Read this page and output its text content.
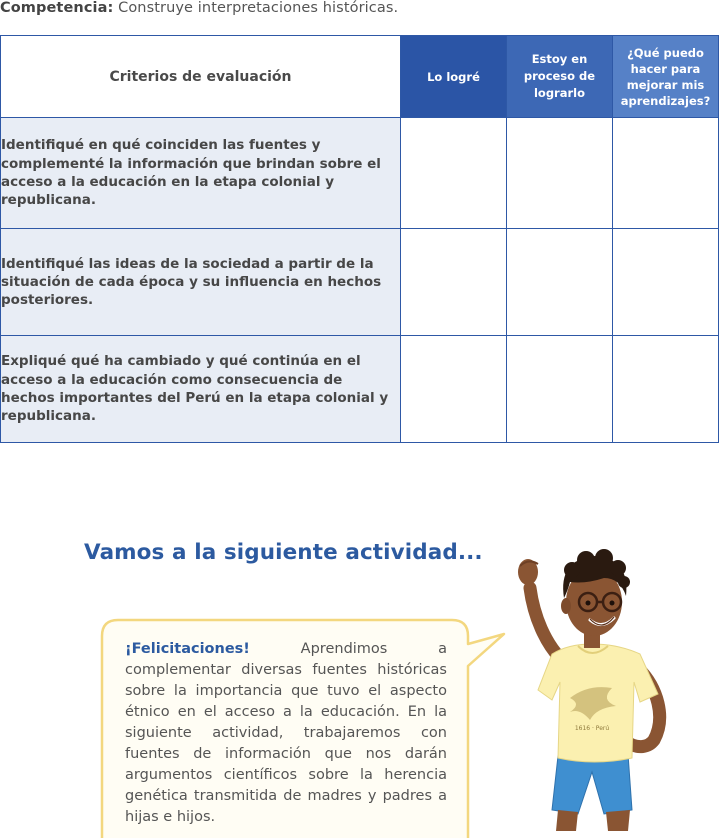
Competencia: Construye interpretaciones históricas.
Criterios de evaluación	Lo logré	Estoy en proceso de lograrlo	¿Qué puedo hacer para mejorar mis aprendizajes?

Identifiqué en qué coinciden las fuentes y complementé la información que brindan sobre el acceso a la educación en la etapa colonial y republicana.			
Identifiqué las ideas de la sociedad a partir de la situación de cada época y su influencia en hechos posteriores.			
Expliqué qué ha cambiado y qué continúa en el acceso a la educación como consecuencia de hechos importantes del Perú en la etapa colonial y republicana.			
Vamos a la siguiente actividad...
¡Felicitaciones! Aprendimos a complementar diversas fuentes históricas sobre la importancia que tuvo el aspecto étnico en el acceso a la educación. En la siguiente actividad, trabajaremos con fuentes de información que nos darán argumentos científicos sobre la herencia genética transmitida de madres y padres a hijas e hijos.
1616 · Perú
